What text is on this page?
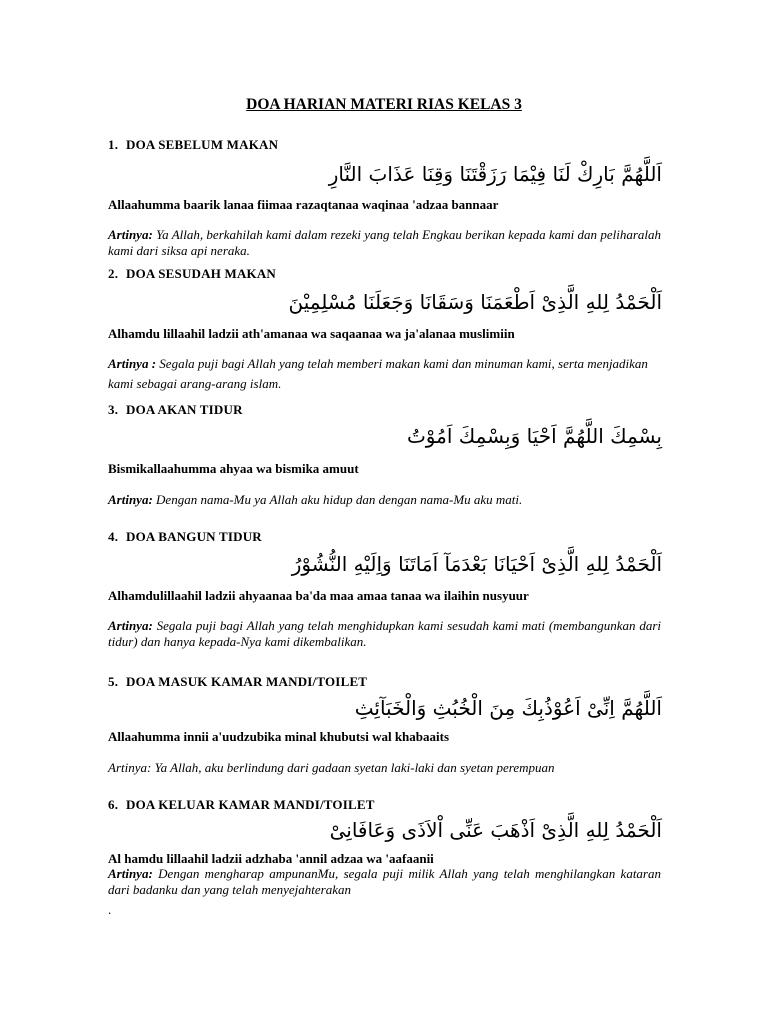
DOA HARIAN MATERI RIAS KELAS 3
1. DOA SEBELUM MAKAN
اَللَّهُمَّ بَارِكْ لَنَا فِيْمَا رَزَقْتَنَا وَقِنَا عَذَابَ النَّارِ
Allaahumma baarik lanaa fiimaa razaqtanaa waqinaa 'adzaa bannaar
Artinya: Ya Allah, berkahilah kami dalam rezeki yang telah Engkau berikan kepada kami dan peliharalah kami dari siksa api neraka.
2. DOA SESUDAH MAKAN
اَلْحَمْدُ لِلهِ الَّذِىْ اَطْعَمَنَا وَسَقَانَا وَجَعَلَنَا مُسْلِمِيْنَ
Alhamdu lillaahil ladzii ath'amanaa wa saqaanaa wa ja'alanaa muslimiin
Artinya : Segala puji bagi Allah yang telah memberi makan kami dan minuman kami, serta menjadikan kami sebagai arang-arang islam.
3. DOA AKAN TIDUR
بِسْمِكَ اللَّهُمَّ اَحْيَا وَبِسْمِكَ اَمُوْتُ
Bismikallaahumma ahyaa wa bismika amuut
Artinya: Dengan nama-Mu ya Allah aku hidup dan dengan nama-Mu aku mati.
4. DOA BANGUN TIDUR
اَلْحَمْدُ لِلهِ الَّذِىْ اَحْيَانَا بَعْدَمَآ اَمَاتَنَا وَاِلَيْهِ النُّشُوْرُ
Alhamdulillaahil ladzii ahyaanaa ba'da maa amaa tanaa wa ilaihin nusyuur
Artinya: Segala puji bagi Allah yang telah menghidupkan kami sesudah kami mati (membangunkan dari tidur) dan hanya kepada-Nya kami dikembalikan.
5. DOA MASUK KAMAR MANDI/TOILET
اَللَّهُمَّ اِنِّىْ اَعُوْذُبِكَ مِنَ الْخُبُثِ وَالْخَبَآئِثِ
Allaahumma innii a'uudzubika minal khubutsi wal khabaaits
Artinya: Ya Allah, aku berlindung dari gadaan syetan laki-laki dan syetan perempuan
6. DOA KELUAR KAMAR MANDI/TOILET
اَلْحَمْدُ لِلهِ الَّذِىْ اَذْهَبَ عَنِّى اْلاَذَى وَعَافَانِىْ
Al hamdu lillaahil ladzii adzhaba 'annil adzaa wa 'aafaanii
Artinya: Dengan mengharap ampunanMu, segala puji milik Allah yang telah menghilangkan kataran dari badanku dan yang telah menyejahterakan
.
